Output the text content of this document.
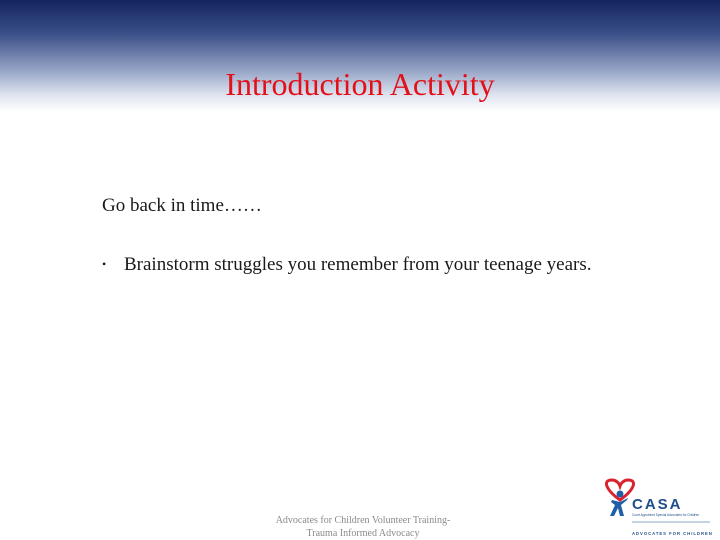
Introduction Activity
Go back in time……
• Brainstorm struggles you remember from your teenage years.
Advocates for Children Volunteer Training-
Trauma Informed Advocacy
CASA
Court Appointed Special Advocates for Children
ADVOCATES FOR CHILDREN
